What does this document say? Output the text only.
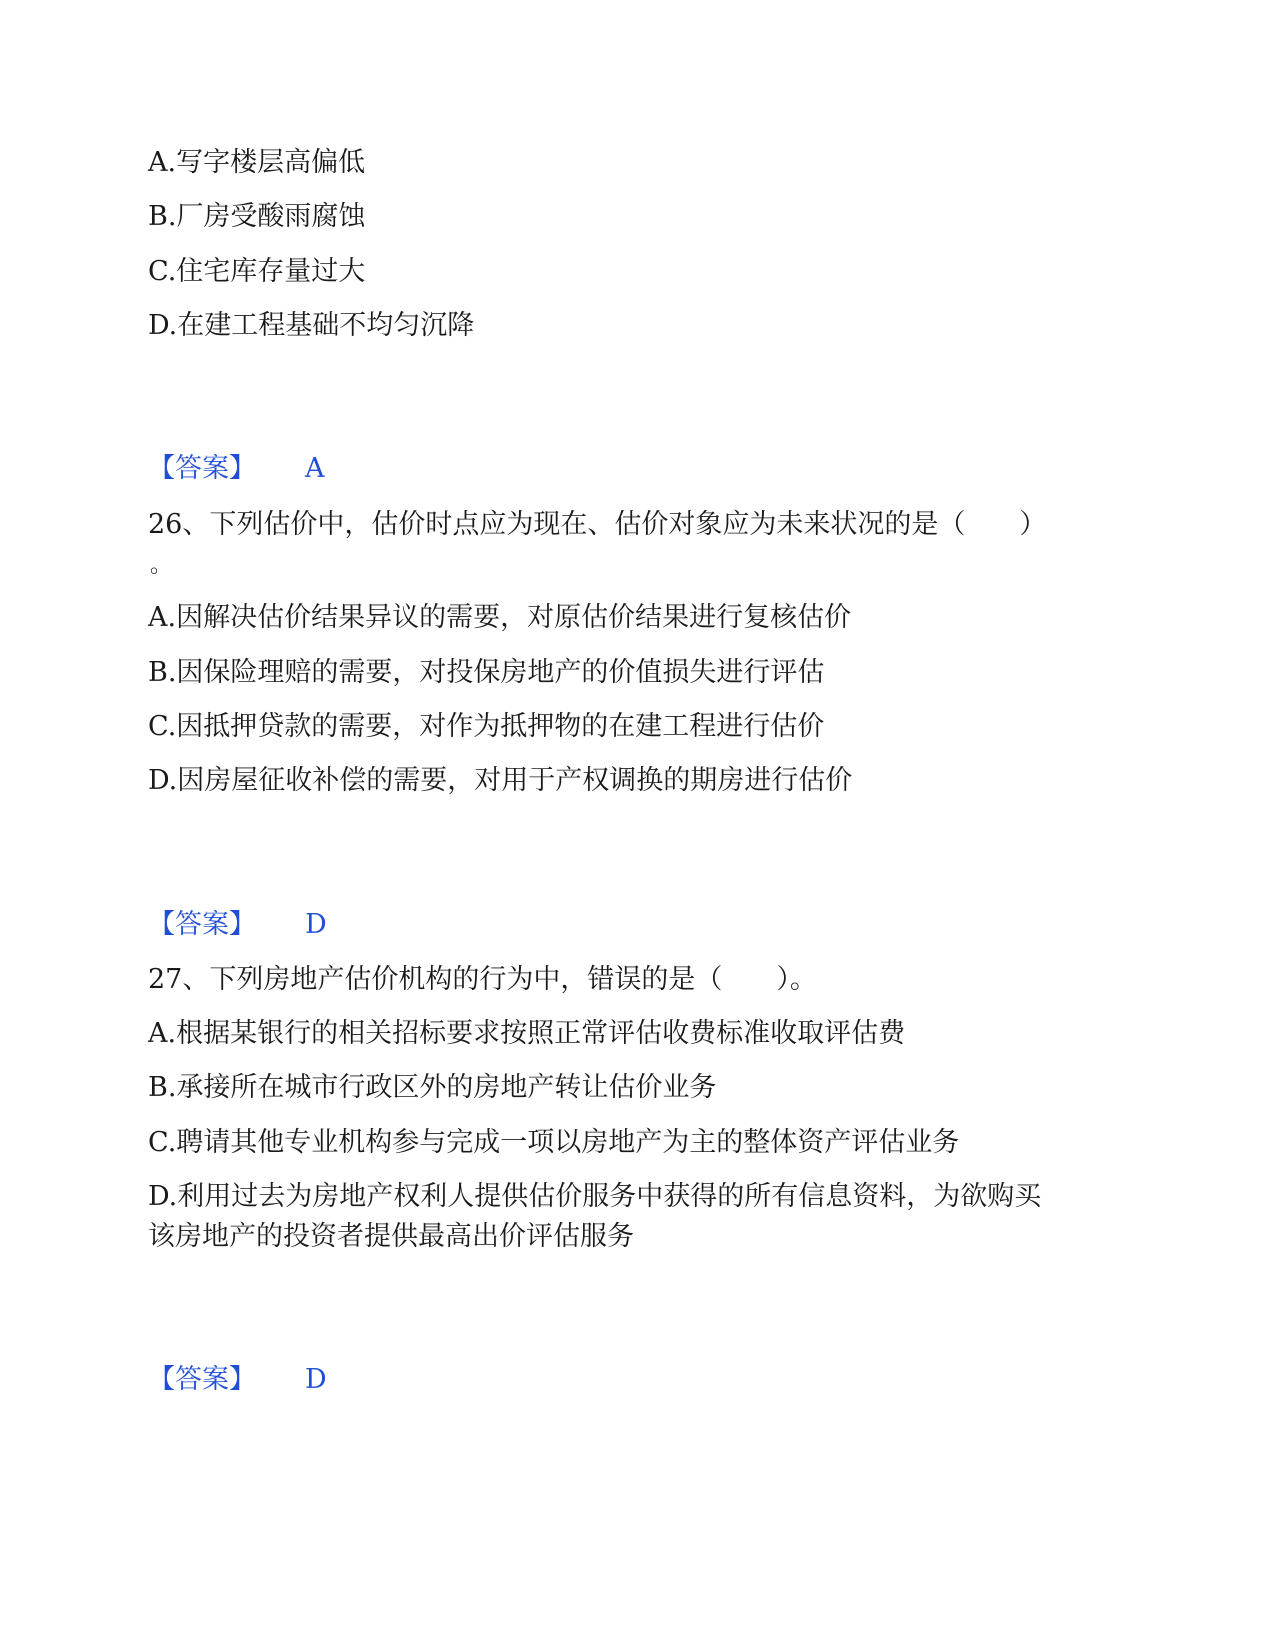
A.写字楼层高偏低
B.厂房受酸雨腐蚀
C.住宅库存量过大
D.在建工程基础不均匀沉降
【答案】 A
26、下列估价中，估价时点应为现在、估价对象应为未来状况的是（　　）
。
A.因解决估价结果异议的需要，对原估价结果进行复核估价
B.因保险理赔的需要，对投保房地产的价值损失进行评估
C.因抵押贷款的需要，对作为抵押物的在建工程进行估价
D.因房屋征收补偿的需要，对用于产权调换的期房进行估价
【答案】 D
27、下列房地产估价机构的行为中，错误的是（　　）。
A.根据某银行的相关招标要求按照正常评估收费标准收取评估费
B.承接所在城市行政区外的房地产转让估价业务
C.聘请其他专业机构参与完成一项以房地产为主的整体资产评估业务
D.利用过去为房地产权利人提供估价服务中获得的所有信息资料，为欲购买
该房地产的投资者提供最高出价评估服务
【答案】 D
